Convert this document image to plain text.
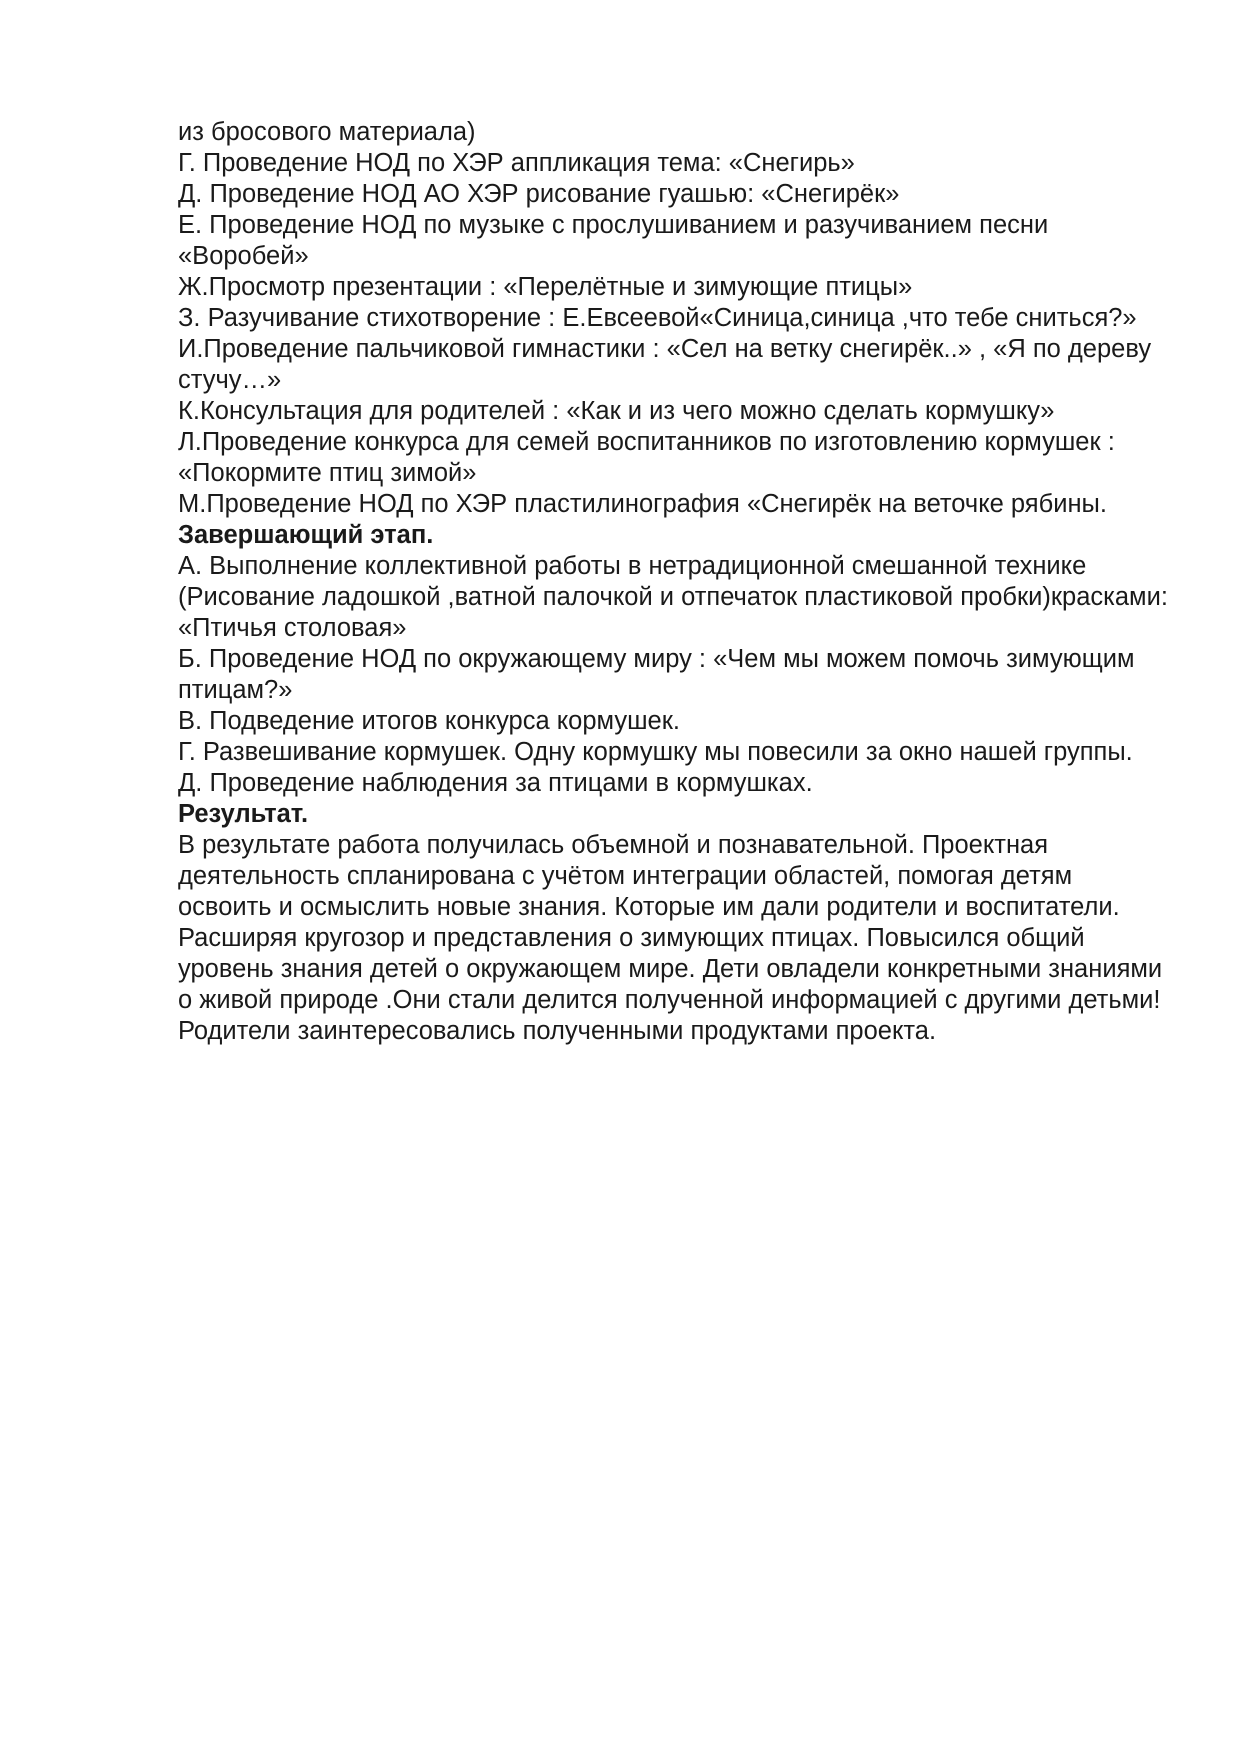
из бросового материала)
Г. Проведение НОД по ХЭР аппликация тема: «Снегирь»
Д. Проведение НОД АО ХЭР рисование гуашью: «Снегирёк»
Е. Проведение НОД по музыке с прослушиванием и разучиванием песни «Воробей»
Ж.Просмотр презентации : «Перелётные и зимующие птицы»
З. Разучивание стихотворение : Е.Евсеевой«Синица,синица ,что тебе сниться?»
И.Проведение пальчиковой гимнастики : «Сел на ветку снегирёк..» , «Я по дереву стучу…»
К.Консультация для родителей : «Как и из чего можно сделать кормушку»
Л.Проведение конкурса для семей воспитанников по изготовлению кормушек : «Покормите птиц зимой»
М.Проведение НОД по ХЭР пластилинография «Снегирёк на веточке рябины.
Завершающий этап.
А. Выполнение коллективной работы в нетрадиционной смешанной технике (Рисование ладошкой ,ватной палочкой и отпечаток пластиковой пробки)красками: «Птичья столовая»
Б. Проведение НОД по окружающему миру : «Чем мы можем помочь зимующим птицам?»
В. Подведение итогов конкурса кормушек.
Г. Развешивание кормушек. Одну кормушку мы повесили за окно нашей группы.
Д. Проведение наблюдения за птицами в кормушках.
Результат.
В результате работа получилась объемной и познавательной. Проектная деятельность спланирована с учётом интеграции областей, помогая детям освоить и осмыслить новые знания. Которые им дали родители и воспитатели. Расширяя кругозор и представления о зимующих птицах. Повысился общий уровень знания детей о окружающем мире. Дети овладели конкретными знаниями о живой природе .Они стали делится полученной информацией с другими детьми! Родители заинтересовались полученными продуктами проекта.
